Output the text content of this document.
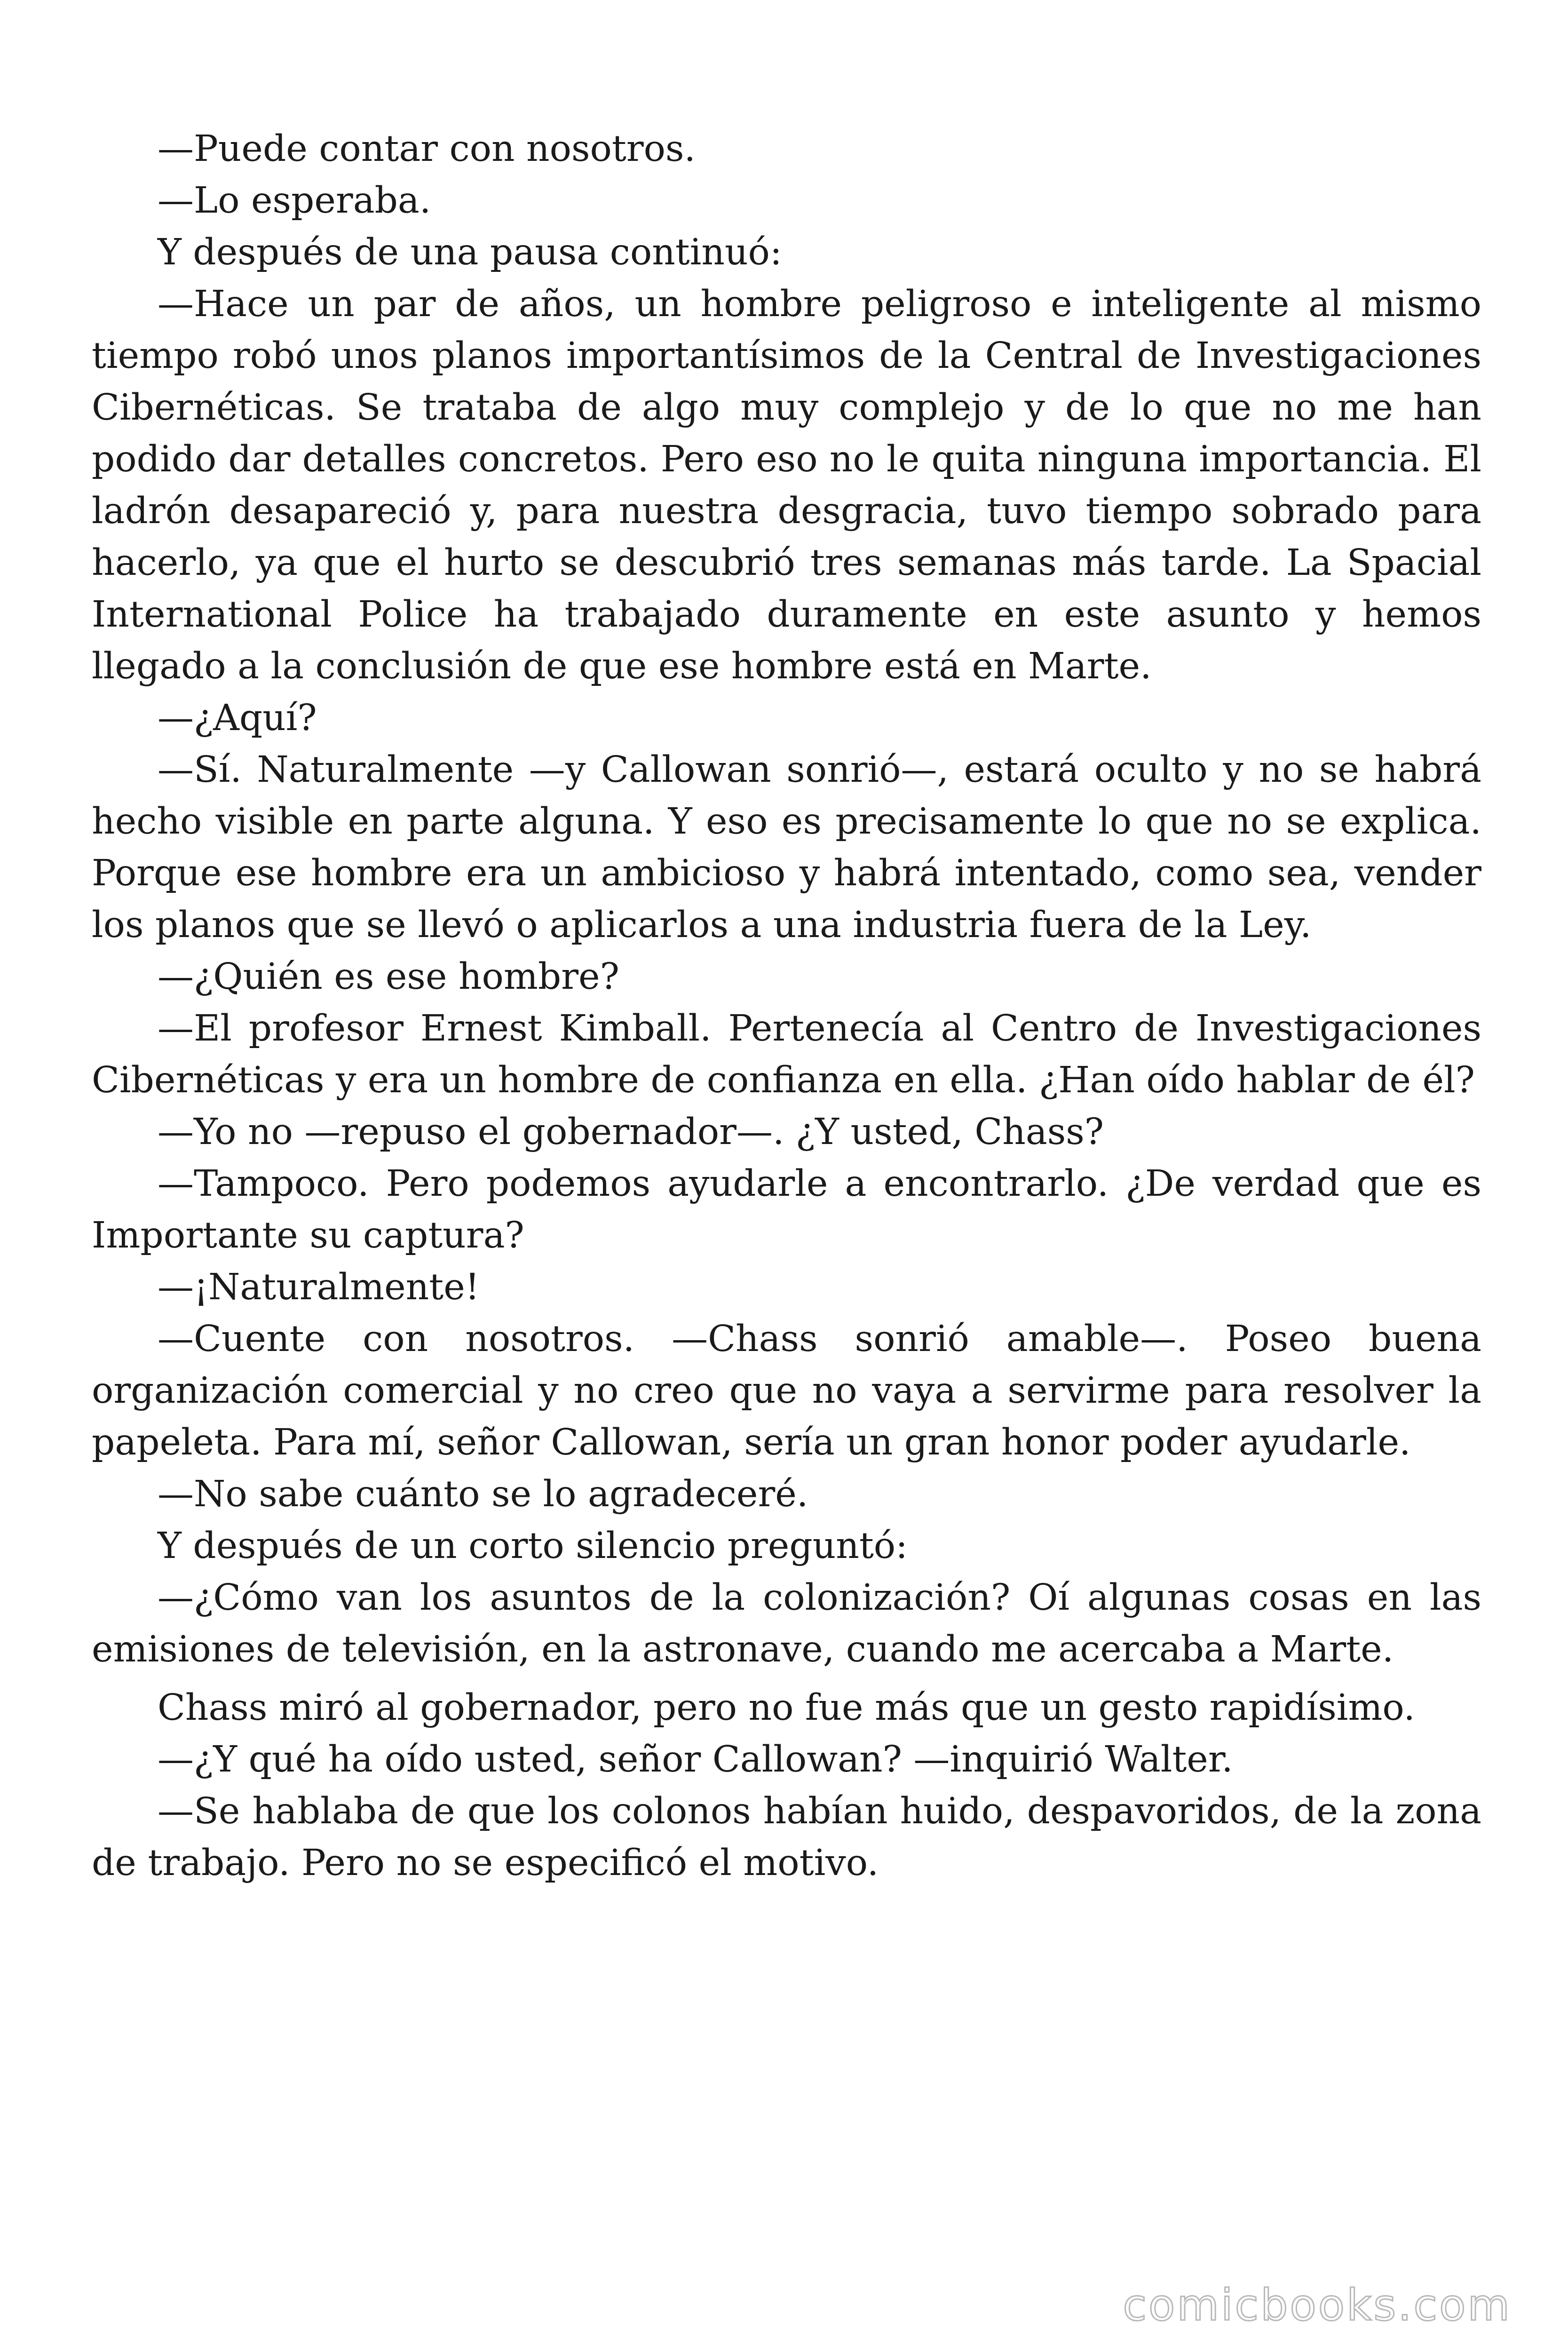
—Puede contar con nosotros.

—Lo esperaba.

Y después de una pausa continuó:

—Hace un par de años, un hombre peligroso e inteligente al mismo tiempo robó unos planos importantísimos de la Central de Investigaciones Cibernéticas. Se trataba de algo muy complejo y de lo que no me han podido dar detalles concretos. Pero eso no le quita ninguna importancia. El ladrón desapareció y, para nuestra desgracia, tuvo tiempo sobrado para hacerlo, ya que el hurto se descubrió tres semanas más tarde. La Spacial International Police ha trabajado duramente en este asunto y hemos llegado a la conclusión de que ese hombre está en Marte.

—¿Aquí?

—Sí. Naturalmente —y Callowan sonrió—, estará oculto y no se habrá hecho visible en parte alguna. Y eso es precisamente lo que no se explica. Porque ese hombre era un ambicioso y habrá intentado, como sea, vender los planos que se llevó o aplicarlos a una industria fuera de la Ley.

—¿Quién es ese hombre?

—El profesor Ernest Kimball. Pertenecía al Centro de Investigaciones Cibernéticas y era un hombre de confianza en ella. ¿Han oído hablar de él?

—Yo no —repuso el gobernador—. ¿Y usted, Chass?

—Tampoco. Pero podemos ayudarle a encontrarlo. ¿De verdad que es Importante su captura?

—¡Naturalmente!

—Cuente con nosotros. —Chass sonrió amable—. Poseo buena organización comercial y no creo que no vaya a servirme para resolver la papeleta. Para mí, señor Callowan, sería un gran honor poder ayudarle.

—No sabe cuánto se lo agradeceré.

Y después de un corto silencio preguntó:

—¿Cómo van los asuntos de la colonización? Oí algunas cosas en las emisiones de televisión, en la astronave, cuando me acercaba a Marte.

Chass miró al gobernador, pero no fue más que un gesto rapidísimo.

—¿Y qué ha oído usted, señor Callowan? —inquirió Walter.

—Se hablaba de que los colonos habían huido, despavoridos, de la zona de trabajo. Pero no se especificó el motivo.

comicbooks.com
